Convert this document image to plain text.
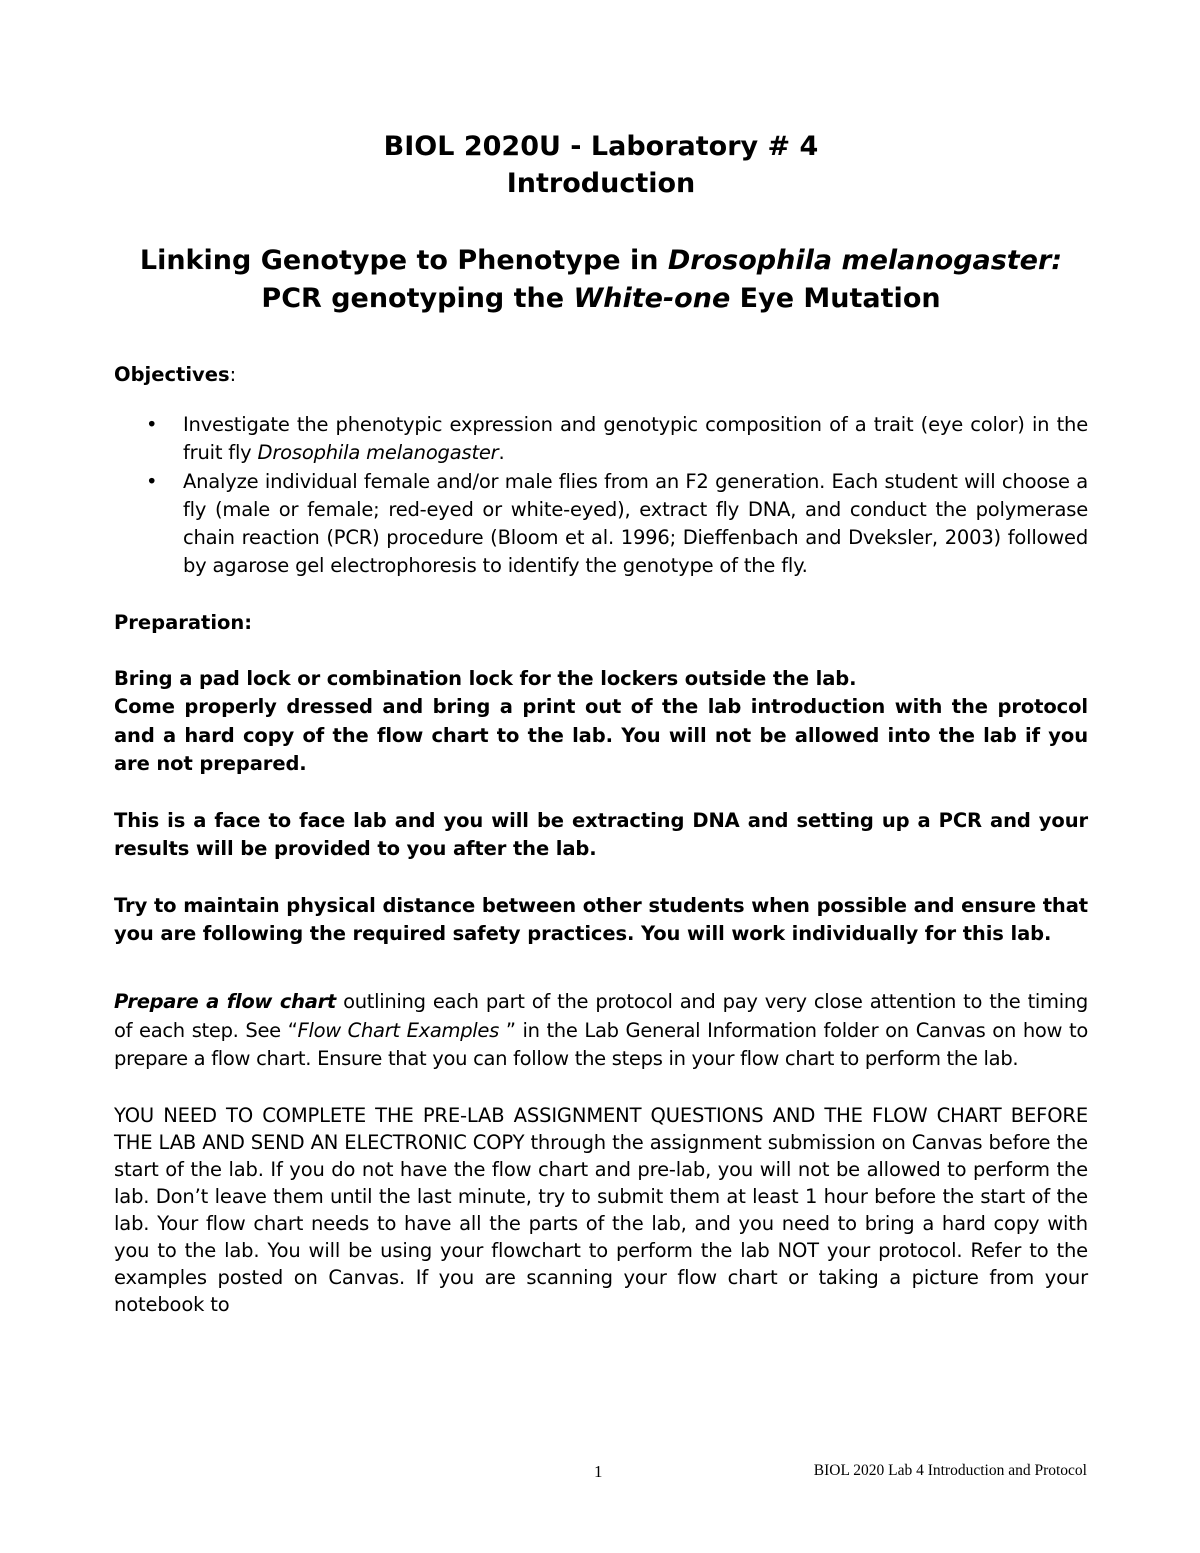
BIOL 2020U - Laboratory # 4
Introduction
Linking Genotype to Phenotype in Drosophila melanogaster:
PCR genotyping the White-one Eye Mutation

Objectives:

• Investigate the phenotypic expression and genotypic composition of a trait (eye color) in the fruit fly Drosophila melanogaster.
• Analyze individual female and/or male flies from an F2 generation. Each student will choose a fly (male or female; red-eyed or white-eyed), extract fly DNA, and conduct the polymerase chain reaction (PCR) procedure (Bloom et al. 1996; Dieffenbach and Dveksler, 2003) followed by agarose gel electrophoresis to identify the genotype of the fly.

Preparation:

Bring a pad lock or combination lock for the lockers outside the lab.

Come properly dressed and bring a print out of the lab introduction with the protocol and a hard copy of the flow chart to the lab. You will not be allowed into the lab if you are not prepared.

This is a face to face lab and you will be extracting DNA and setting up a PCR and your results will be provided to you after the lab.

Try to maintain physical distance between other students when possible and ensure that you are following the required safety practices. You will work individually for this lab.

Prepare a flow chart outlining each part of the protocol and pay very close attention to the timing of each step. See “Flow Chart Examples ” in the Lab General Information folder on Canvas on how to prepare a flow chart. Ensure that you can follow the steps in your flow chart to perform the lab.

YOU NEED TO COMPLETE THE PRE-LAB ASSIGNMENT QUESTIONS AND THE FLOW CHART BEFORE THE LAB AND SEND AN ELECTRONIC COPY through the assignment submission on Canvas before the start of the lab. If you do not have the flow chart and pre-lab, you will not be allowed to perform the lab. Don’t leave them until the last minute, try to submit them at least 1 hour before the start of the lab. Your flow chart needs to have all the parts of the lab, and you need to bring a hard copy with you to the lab. You will be using your flowchart to perform the lab NOT your protocol. Refer to the examples posted on Canvas. If you are scanning your flow chart or taking a picture from your notebook to

1	BIOL 2020 Lab 4 Introduction and Protocol
